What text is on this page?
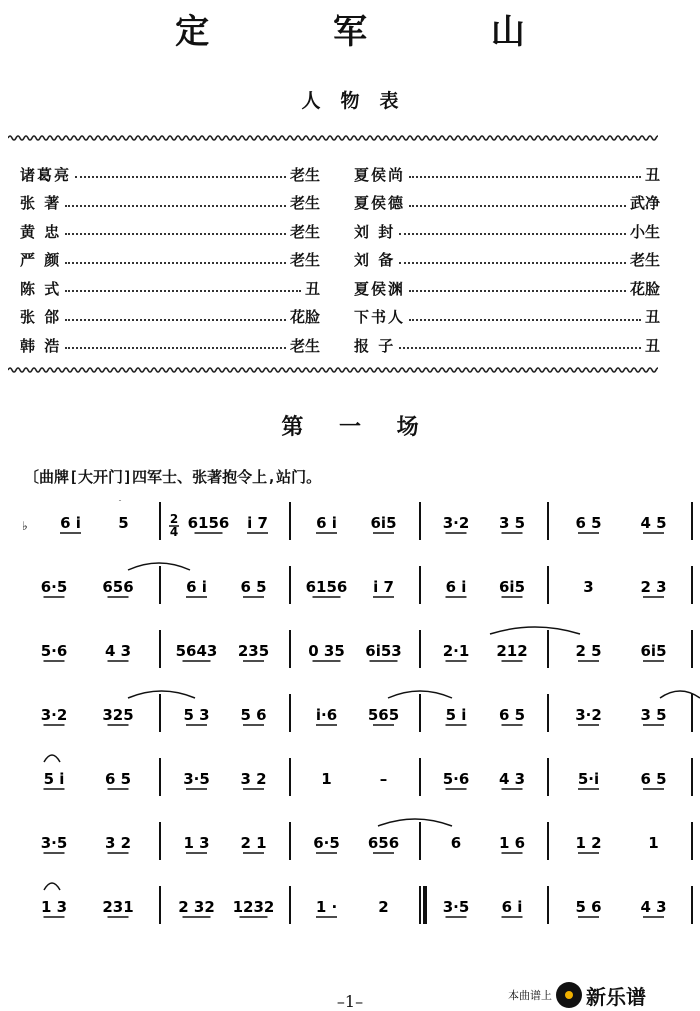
定 军 山
人物表
诸葛亮	老生 夏侯尚	丑
张 著	老生 夏侯德	武净
黄 忠	老生 刘 封	小生
严 颜	老生 刘 备	老生
陈 式	丑 夏侯渊	花脸
张 郃	花脸 下书人	丑
韩 浩	老生 报 子	丑
第 一 场
〔曲牌[大开门]四军士、张著抱令上,站门。
♭ 6 i 5	2
4 6156 i 7	6 i 6i5	3·2 3 5	6 5	4 5
6·5 656	6 i 6 5	6156 i 7	6 i 6i5	3	2 3
5·6	4 3	5643 235	0 35 6i53	2·1 212	2 5	6i5
3·2 325	5 3 5 6	i·6 565	5 i 6 5	3·2	3 5
5 i	6 5	3·5 3 2	1	–	5·6 4 3	5·i	6 5
3·5	3 2	1 3 2 1	6·5 656	6	1 6	1 2	1
1 3 231	2 32 1232	1 ·	2	3·5 6 i	5 6	4 3
–1–	本曲谱上 新乐谱
